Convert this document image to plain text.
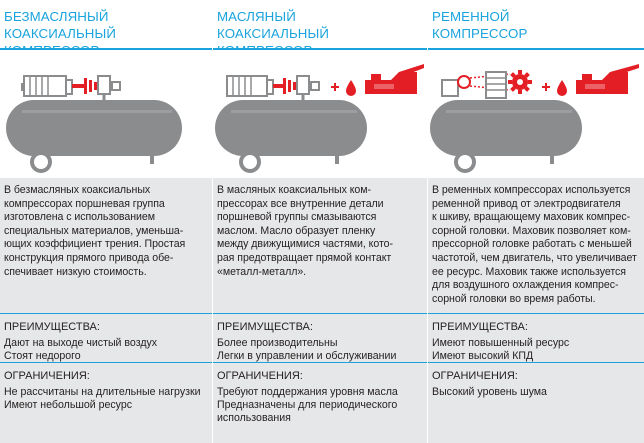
БЕЗМАСЛЯНЫЙ
КОАКСИАЛЬНЫЙ
В безмасляных коаксиальных
компрессорах поршневая группа
изготовлена с использованием
специальных материалов, уменьша-
ющих коэффициент трения. Простая
конструкция прямого привода обе-
спечивает низкую стоимость.
ПРЕИМУЩЕСТВА:
Дают на выходе чистый воздух
Стоят недорого
ОГРАНИЧЕНИЯ:
Не рассчитаны на длительные нагрузки
Имеют небольшой ресурс
МАСЛЯНЫЙ
КОАКСИАЛЬНЫЙ
В масляных коаксиальных ком-
прессорах все внутренние детали
поршневой группы смазываются
маслом. Масло образует пленку
между движущимися частями, кото-
рая предотвращает прямой контакт
«металл-металл».
ПРЕИМУЩЕСТВА:
Более производительны
Легки в управлении и обслуживании
ОГРАНИЧЕНИЯ:
Требуют поддержания уровня масла
Предназначены для периодического
использования
РЕМЕННОЙ
КОМПРЕССОР
В ременных компрессорах используется
ременной привод от электродвигателя
к шкиву, вращающему маховик компрес-
сорной головки. Маховик позволяет ком-
прессорной головке работать с меньшей
частотой, чем двигатель, что увеличивает
ее ресурс. Маховик также используется
для воздушного охлаждения компрес-
сорной головки во время работы.
ПРЕИМУЩЕСТВА:
Имеют повышенный ресурс
Имеют высокий КПД
ОГРАНИЧЕНИЯ:
Высокий уровень шума
